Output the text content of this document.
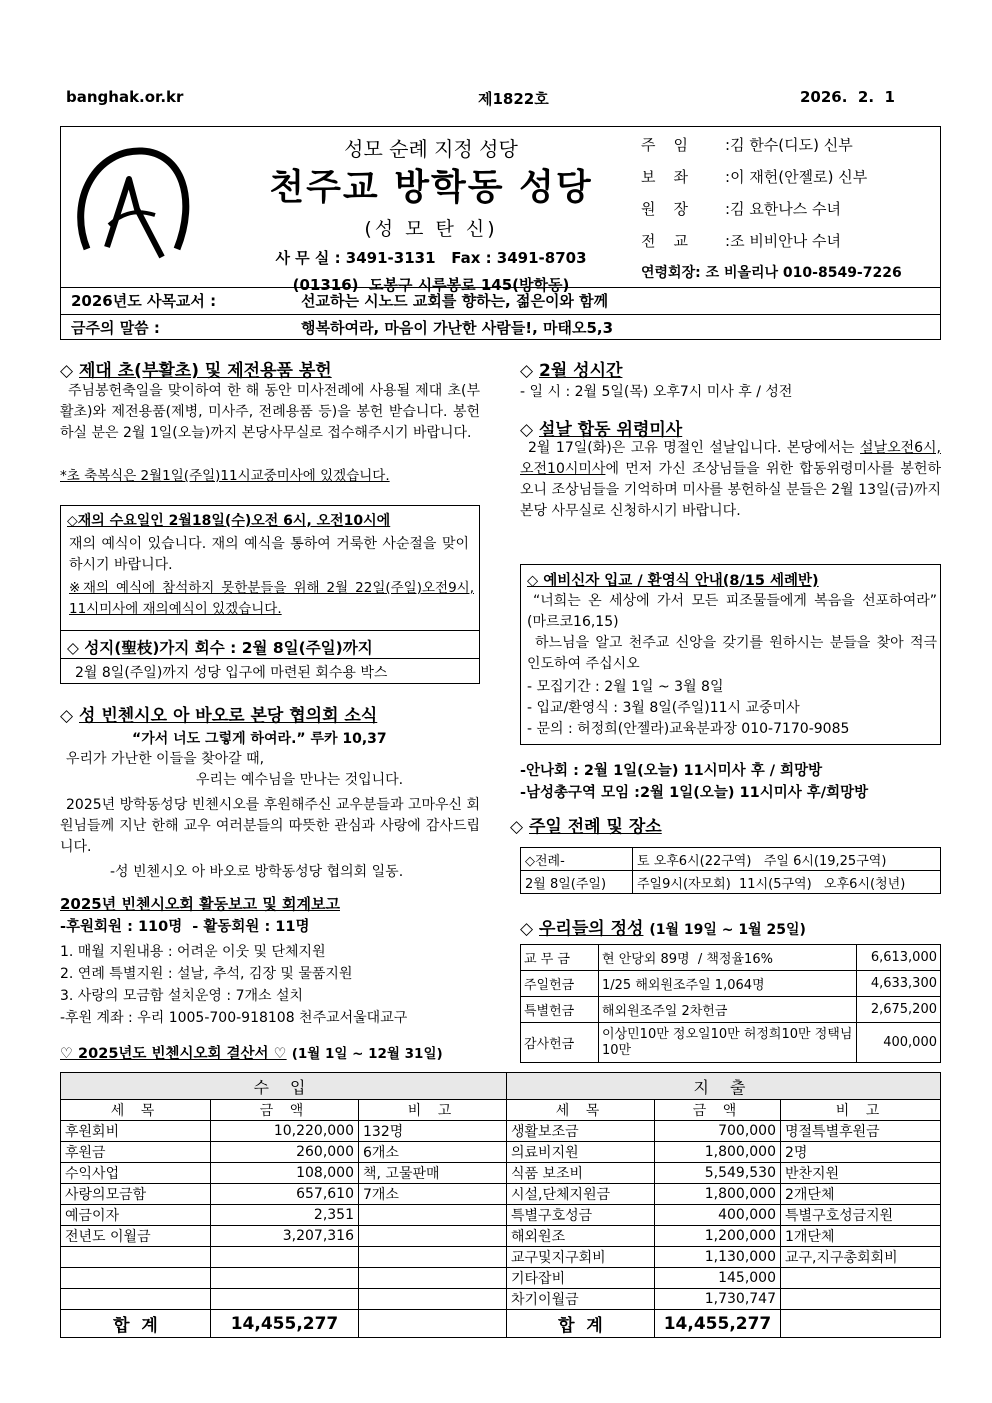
banghak.or.kr	제1822호	2026.  2.  1
성모 순례 지정 성당
천주교 방학동 성당
(성 모 탄 신)
사 무 실 : 3491-3131   Fax : 3491-8703
(01316)  도봉구 시루봉로 145(방학동)
주임 :김 한수(디도) 신부
보좌 :이 재헌(안젤로) 신부
원장 :김 요한나스 수녀
전교 :조 비비안나 수녀
연령회장: 조 비올리나 010-8549-7226
2026년도 사목교서 :	선교하는 시노드 교회를 향하는, 젊은이와 함께
금주의 말씀 :	행복하여라, 마음이 가난한 사람들!, 마태오5,3
◇ 제대 초(부활초) 및 제전용품 봉헌
주님봉헌축일을 맞이하여 한 해 동안 미사전례에 사용될 제대 초(부활초)와 제전용품(제병, 미사주, 전례용품 등)을 봉헌 받습니다. 봉헌하실 분은 2월 1일(오늘)까지 본당사무실로 접수해주시기 바랍니다.
*초 축복식은 2월1일(주일)11시교중미사에 있겠습니다.
◇재의 수요일인 2월18일(수)오전 6시, 오전10시에
재의 예식이 있습니다. 재의 예식을 통하여 거룩한 사순절을 맞이하시기 바랍니다.
※재의 예식에 참석하지 못한분들을 위해 2월 22일(주일)오전9시, 11시미사에 재의예식이 있겠습니다.
◇ 성지(聖枝)가지 회수 : 2월 8일(주일)까지
2월 8일(주일)까지 성당 입구에 마련된 회수용 박스
◇ 성 빈첸시오 아 바오로 본당 협의회 소식
“가서 너도 그렇게 하여라.” 루카 10,37
우리가 가난한 이들을 찾아갈 때,
우리는 예수님을 만나는 것입니다.
2025년 방학동성당 빈첸시오를 후원해주신 교우분들과 고마우신 회원님들께 지난 한해 교우 여러분들의 따뜻한 관심과 사랑에 감사드립니다.
-성 빈첸시오 아 바오로 방학동성당 협의회 일동.
2025년 빈첸시오회 활동보고 및 회계보고
-후원회원 : 110명  - 활동회원 : 11명
1. 매월 지원내용 : 어려운 이웃 및 단체지원
2. 연례 특별지원 : 설날, 추석, 김장 및 물품지원
3. 사랑의 모금함 설치운영 : 7개소 설치
-후원 계좌 : 우리 1005-700-918108 천주교서울대교구
♡ 2025년도 빈첸시오회 결산서 ♡ (1월 1일 ~ 12월 31일)
◇ 2월 성시간
- 일 시 : 2월 5일(목) 오후7시 미사 후 / 성전
◇ 설날 합동 위령미사
2월 17일(화)은 고유 명절인 설날입니다. 본당에서는 설날오전6시, 오전10시미사에 먼저 가신 조상님들을 위한 합동위령미사를 봉헌하오니 조상님들을 기억하며 미사를 봉헌하실 분들은 2월 13일(금)까지 본당 사무실로 신청하시기 바랍니다.
◇ 예비신자 입교 / 환영식 안내(8/15 세례반)
“너희는 온 세상에 가서 모든 피조물들에게 복음을 선포하여라” (마르코16,15)
하느님을 알고 천주교 신앙을 갖기를 원하시는 분들을 찾아 적극 인도하여 주십시오
- 모집기간 : 2월 1일 ~ 3월 8일
- 입교/환영식 : 3월 8일(주일)11시 교중미사
- 문의 : 허정희(안젤라)교육분과장 010-7170-9085
-안나회 : 2월 1일(오늘) 11시미사 후 / 희망방
-남성총구역 모임 :2월 1일(오늘) 11시미사 후/희망방
◇ 주일 전례 및 장소
◇전례-	토 오후6시(22구역)   주일 6시(19,25구역)
2월 8일(주일)	주일9시(자모회)  11시(5구역)   오후6시(청년)
◇ 우리들의 정성 (1월 19일 ~ 1월 25일)
교 무 금	현 안당외 89명  / 책정율16%	6,613,000
주일헌금	1/25 해외원조주일 1,064명	4,633,300
특별헌금	해외원조주일 2차헌금	2,675,200
감사헌금	이상민10만 정오일10만 허정희10만 정택님10만	400,000
수 입			지 출		
세 목	금 액	비 고	세 목	금 액	비 고
후원회비	10,220,000	132명	생활보조금	700,000	명절특별후원금
후원금	260,000	6개소	의료비지원	1,800,000	2명
수익사업	108,000	책, 고물판매	식품 보조비	5,549,530	반찬지원
사랑의모금함	657,610	7개소	시설,단체지원금	1,800,000	2개단체
예금이자	2,351		특별구호성금	400,000	특별구호성금지원
전년도 이월금	3,207,316		해외원조	1,200,000	1개단체
			교구및지구회비	1,130,000	교구,지구총회회비
			기타잡비	145,000	
			차기이월금	1,730,747	
합  계	14,455,277		합  계	14,455,277	
